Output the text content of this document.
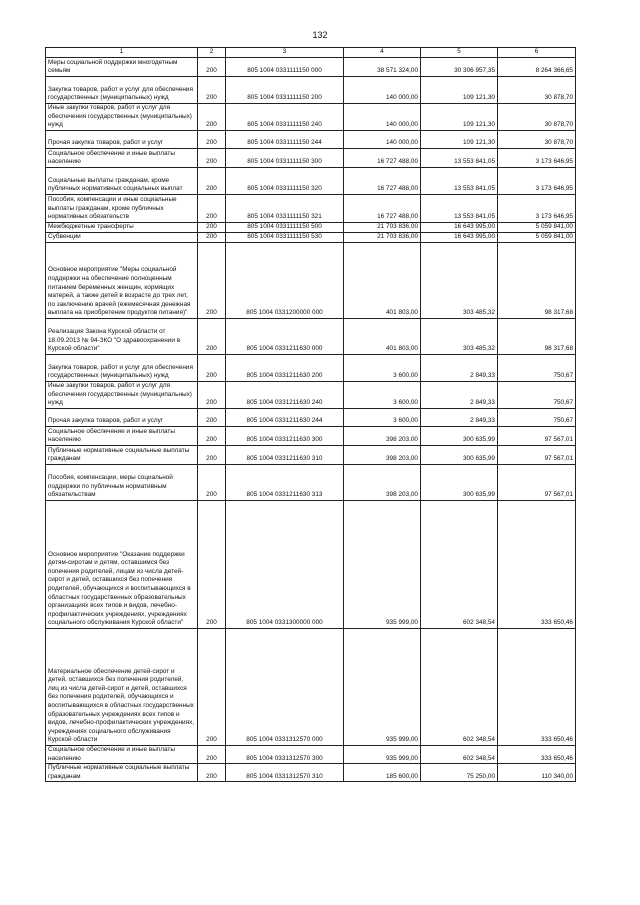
132
1	2	3	4	5	6
Меры социальной поддержки многодетным семьям	200	805 1004 0331111150 000	38 571 324,00	30 306 957,35	8 264 366,65
Закупка товаров, работ и услуг для обеспечения государственных (муниципальных) нужд	200	805 1004 0331111150 200	140 000,00	109 121,30	30 878,70
Иные закупки товаров, работ и услуг для обеспечения государственных (муниципальных) нужд	200	805 1004 0331111150 240	140 000,00	109 121,30	30 878,70
Прочая закупка товаров, работ и услуг	200	805 1004 0331111150 244	140 000,00	109 121,30	30 878,70
Социальное обеспечение и иные выплаты населению	200	805 1004 0331111150 300	16 727 488,00	13 553 841,05	3 173 646,95
Социальные выплаты гражданам, кроме публичных нормативных социальных выплат	200	805 1004 0331111150 320	16 727 488,00	13 553 841,05	3 173 646,95
Пособия, компенсации и иные социальные выплаты гражданам, кроме публичных нормативных обязательств	200	805 1004 0331111150 321	16 727 488,00	13 553 841,05	3 173 646,95
Межбюджетные трансферты	200	805 1004 0331111150 500	21 703 836,00	16 643 995,00	5 059 841,00
Субвенции	200	805 1004 0331111150 530	21 703 836,00	16 643 995,00	5 059 841,00
Основное мероприятие "Меры социальной поддержки на обеспечение полноценным питанием беременных женщин, кормящих матерей, а также детей в возрасте до трех лет, по заключению врачей (ежемесячная денежная выплата на приобретение продуктов питания)"	200	805 1004 0331200000 000	401 803,00	303 485,32	98 317,68
Реализация Закона Курской области от 18.09.2013 № 94-ЗКО "О здравоохранении в Курской области"	200	805 1004 0331211630 000	401 803,00	303 485,32	98 317,68
Закупка товаров, работ и услуг для обеспечения государственных (муниципальных) нужд	200	805 1004 0331211630 200	3 600,00	2 849,33	750,67
Иные закупки товаров, работ и услуг для обеспечения государственных (муниципальных) нужд	200	805 1004 0331211630 240	3 600,00	2 849,33	750,67
Прочая закупка товаров, работ и услуг	200	805 1004 0331211630 244	3 600,00	2 849,33	750,67
Социальное обеспечение и иные выплаты населению	200	805 1004 0331211630 300	398 203,00	300 635,99	97 567,01
Публичные нормативные социальные выплаты гражданам	200	805 1004 0331211630 310	398 203,00	300 635,99	97 567,01
Пособия, компенсации, меры социальной поддержки по публичным нормативным обязательствам	200	805 1004 0331211630 313	398 203,00	300 635,99	97 567,01
Основное мероприятие "Оказание поддержки детям-сиротам и детям, оставшимся без попечения родителей, лицам из числа детей-сирот и детей, оставшихся без попечения родителей, обучающихся и воспитывающихся в областных государственных образовательных организациях всех типов и видов, лечебно-профилактических учреждениях, учреждениях социального обслуживания Курской области"	200	805 1004 0331300000 000	935 999,00	602 348,54	333 650,46
Материальное обеспечение детей-сирот и детей, оставшихся без попечения родителей, лиц из числа детей-сирот и детей, оставшихся без попечения родителей, обучающихся и воспитывающихся в областных государственных образовательных учреждениях всех типов и видов, лечебно-профилактических учреждениях, учреждениях социального обслуживания Курской области	200	805 1004 0331312570 000	935 999,00	602 348,54	333 650,46
Социальное обеспечение и иные выплаты населению	200	805 1004 0331312570 300	935 999,00	602 348,54	333 650,46
Публичные нормативные социальные выплаты гражданам	200	805 1004 0331312570 310	185 600,00	75 250,00	110 340,00
